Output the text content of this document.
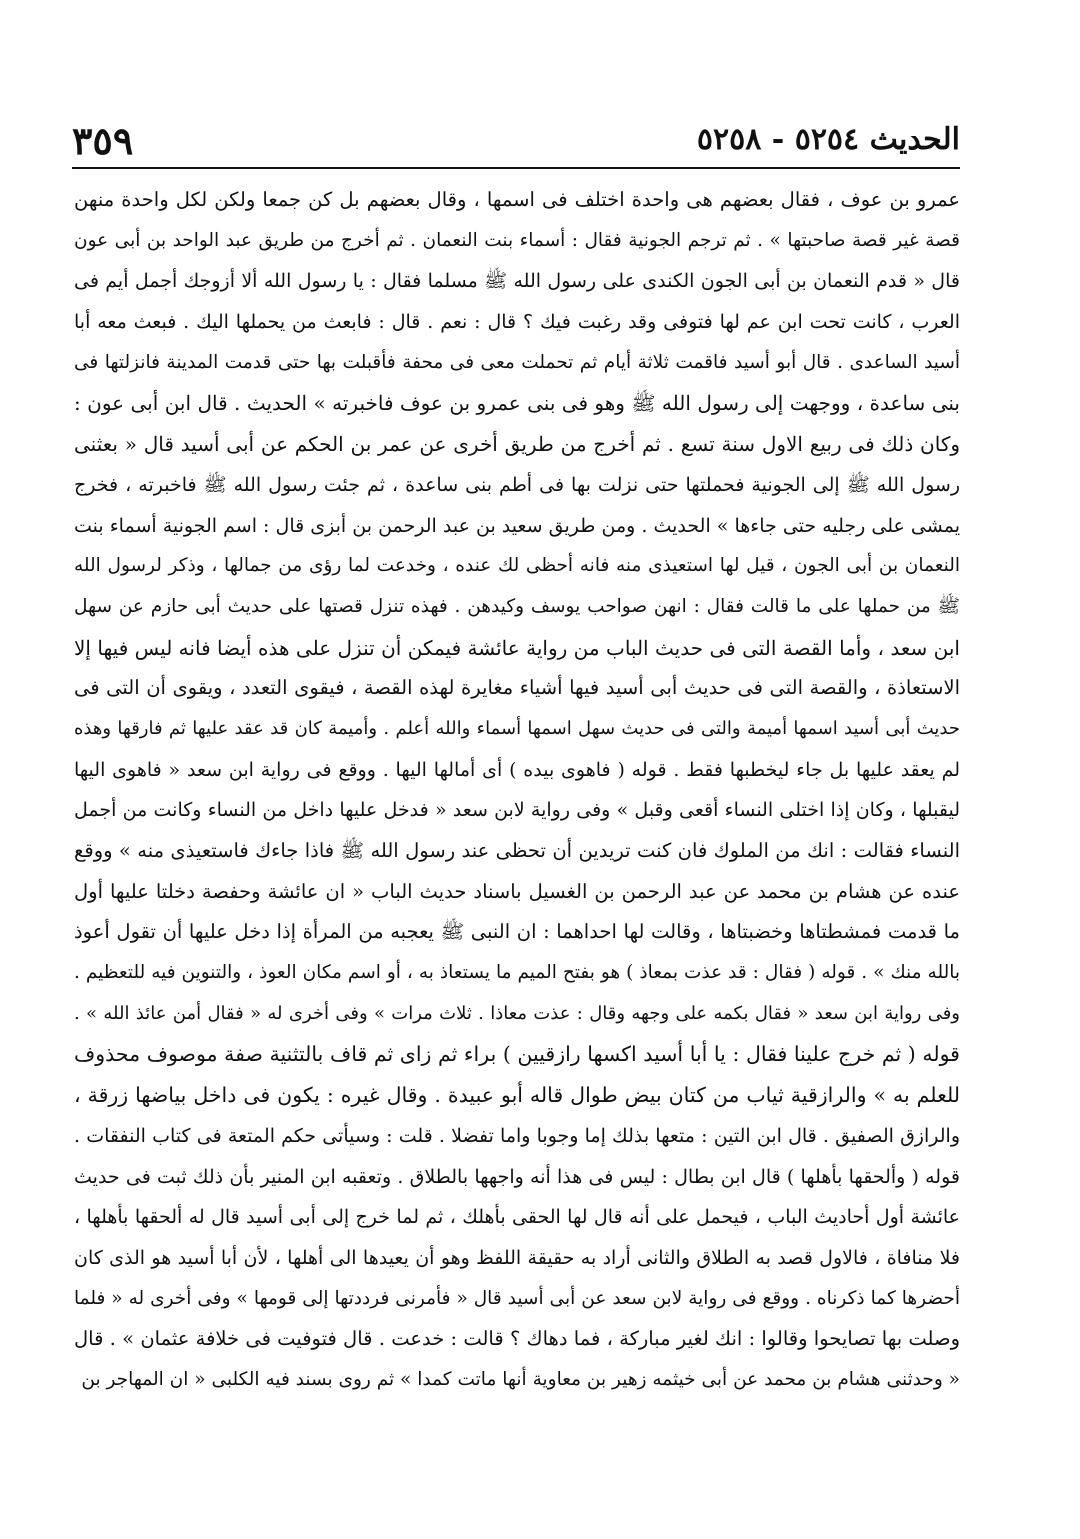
الحديث ٥٢٥٤ - ٥٢٥٨
٣٥٩
عمرو بن عوف ، فقال بعضهم هى واحدة اختلف فى اسمها ، وقال بعضهم بل كن جمعا ولكن لكل واحدة منهن
قصة غير قصة صاحبتها » . ثم ترجم الجونية فقال : أسماء بنت النعمان . ثم أخرج من طريق عبد الواحد بن أبى عون
قال « قدم النعمان بن أبى الجون الكندى على رسول الله ﷺ مسلما فقال : يا رسول الله ألا أزوجك أجمل أيم فى
العرب ، كانت تحت ابن عم لها فتوفى وقد رغبت فيك ؟ قال : نعم . قال : فابعث من يحملها اليك . فبعث معه أبا
أسيد الساعدى . قال أبو أسيد فاقمت ثلاثة أيام ثم تحملت معى فى محفة فأقبلت بها حتى قدمت المدينة فانزلتها فى
بنى ساعدة ، ووجهت إلى رسول الله ﷺ وهو فى بنى عمرو بن عوف فاخبرته » الحديث . قال ابن أبى عون :
وكان ذلك فى ربيع الاول سنة تسع . ثم أخرج من طريق أخرى عن عمر بن الحكم عن أبى أسيد قال « بعثنى
رسول الله ﷺ إلى الجونية فحملتها حتى نزلت بها فى أطم بنى ساعدة ، ثم جئت رسول الله ﷺ فاخبرته ، فخرج
يمشى على رجليه حتى جاءها » الحديث . ومن طريق سعيد بن عبد الرحمن بن أبزى قال : اسم الجونية أسماء بنت
النعمان بن أبى الجون ، قيل لها استعيذى منه فانه أحظى لك عنده ، وخدعت لما رؤى من جمالها ، وذكر لرسول الله
ﷺ من حملها على ما قالت فقال : انهن صواحب يوسف وكيدهن . فهذه تنزل قصتها على حديث أبى حازم عن سهل
ابن سعد ، وأما القصة التى فى حديث الباب من رواية عائشة فيمكن أن تنزل على هذه أيضا فانه ليس فيها إلا
الاستعاذة ، والقصة التى فى حديث أبى أسيد فيها أشياء مغايرة لهذه القصة ، فيقوى التعدد ، ويقوى أن التى فى
حديث أبى أسيد اسمها أميمة والتى فى حديث سهل اسمها أسماء والله أعلم . وأميمة كان قد عقد عليها ثم فارقها وهذه
لم يعقد عليها بل جاء ليخطبها فقط . قوله ( فاهوى بيده ) أى أمالها اليها . ووقع فى رواية ابن سعد « فاهوى اليها
ليقبلها ، وكان إذا اختلى النساء أقعى وقبل » وفى رواية لابن سعد « فدخل عليها داخل من النساء وكانت من أجمل
النساء فقالت : انك من الملوك فان كنت تريدين أن تحظى عند رسول الله ﷺ فاذا جاءك فاستعيذى منه » ووقع
عنده عن هشام بن محمد عن عبد الرحمن بن الغسيل باسناد حديث الباب « ان عائشة وحفصة دخلتا عليها أول
ما قدمت فمشطتاها وخضبتاها ، وقالت لها احداهما : ان النبى ﷺ يعجبه من المرأة إذا دخل عليها أن تقول أعوذ
بالله منك » . قوله ( فقال : قد عذت بمعاذ ) هو بفتح الميم ما يستعاذ به ، أو اسم مكان العوذ ، والتنوين فيه للتعظيم .
وفى رواية ابن سعد « فقال بكمه على وجهه وقال : عذت معاذا . ثلاث مرات » وفى أخرى له « فقال أمن عائذ الله » .
قوله ( ثم خرج علينا فقال : يا أبا أسيد اكسها رازقيين ) براء ثم زاى ثم قاف بالتثنية صفة موصوف محذوف
للعلم به » والرازقية ثياب من كتان بيض طوال قاله أبو عبيدة . وقال غيره : يكون فى داخل بياضها زرقة ،
والرازق الصفيق . قال ابن التين : متعها بذلك إما وجوبا واما تفضلا . قلت : وسيأتى حكم المتعة فى كتاب النفقات .
قوله ( وألحقها بأهلها ) قال ابن بطال : ليس فى هذا أنه واجهها بالطلاق . وتعقبه ابن المنير بأن ذلك ثبت فى حديث
عائشة أول أحاديث الباب ، فيحمل على أنه قال لها الحقى بأهلك ، ثم لما خرج إلى أبى أسيد قال له ألحقها بأهلها ،
فلا منافاة ، فالاول قصد به الطلاق والثانى أراد به حقيقة اللفظ وهو أن يعيدها الى أهلها ، لأن أبا أسيد هو الذى كان
أحضرها كما ذكرناه . ووقع فى رواية لابن سعد عن أبى أسيد قال « فأمرنى فرددتها إلى قومها » وفى أخرى له « فلما
وصلت بها تصايحوا وقالوا : انك لغير مباركة ، فما دهاك ؟ قالت : خدعت . قال فتوفيت فى خلافة عثمان » . قال
« وحدثنى هشام بن محمد عن أبى خيثمه زهير بن معاوية أنها ماتت كمدا » ثم روى بسند فيه الكلبى « ان المهاجر بن
